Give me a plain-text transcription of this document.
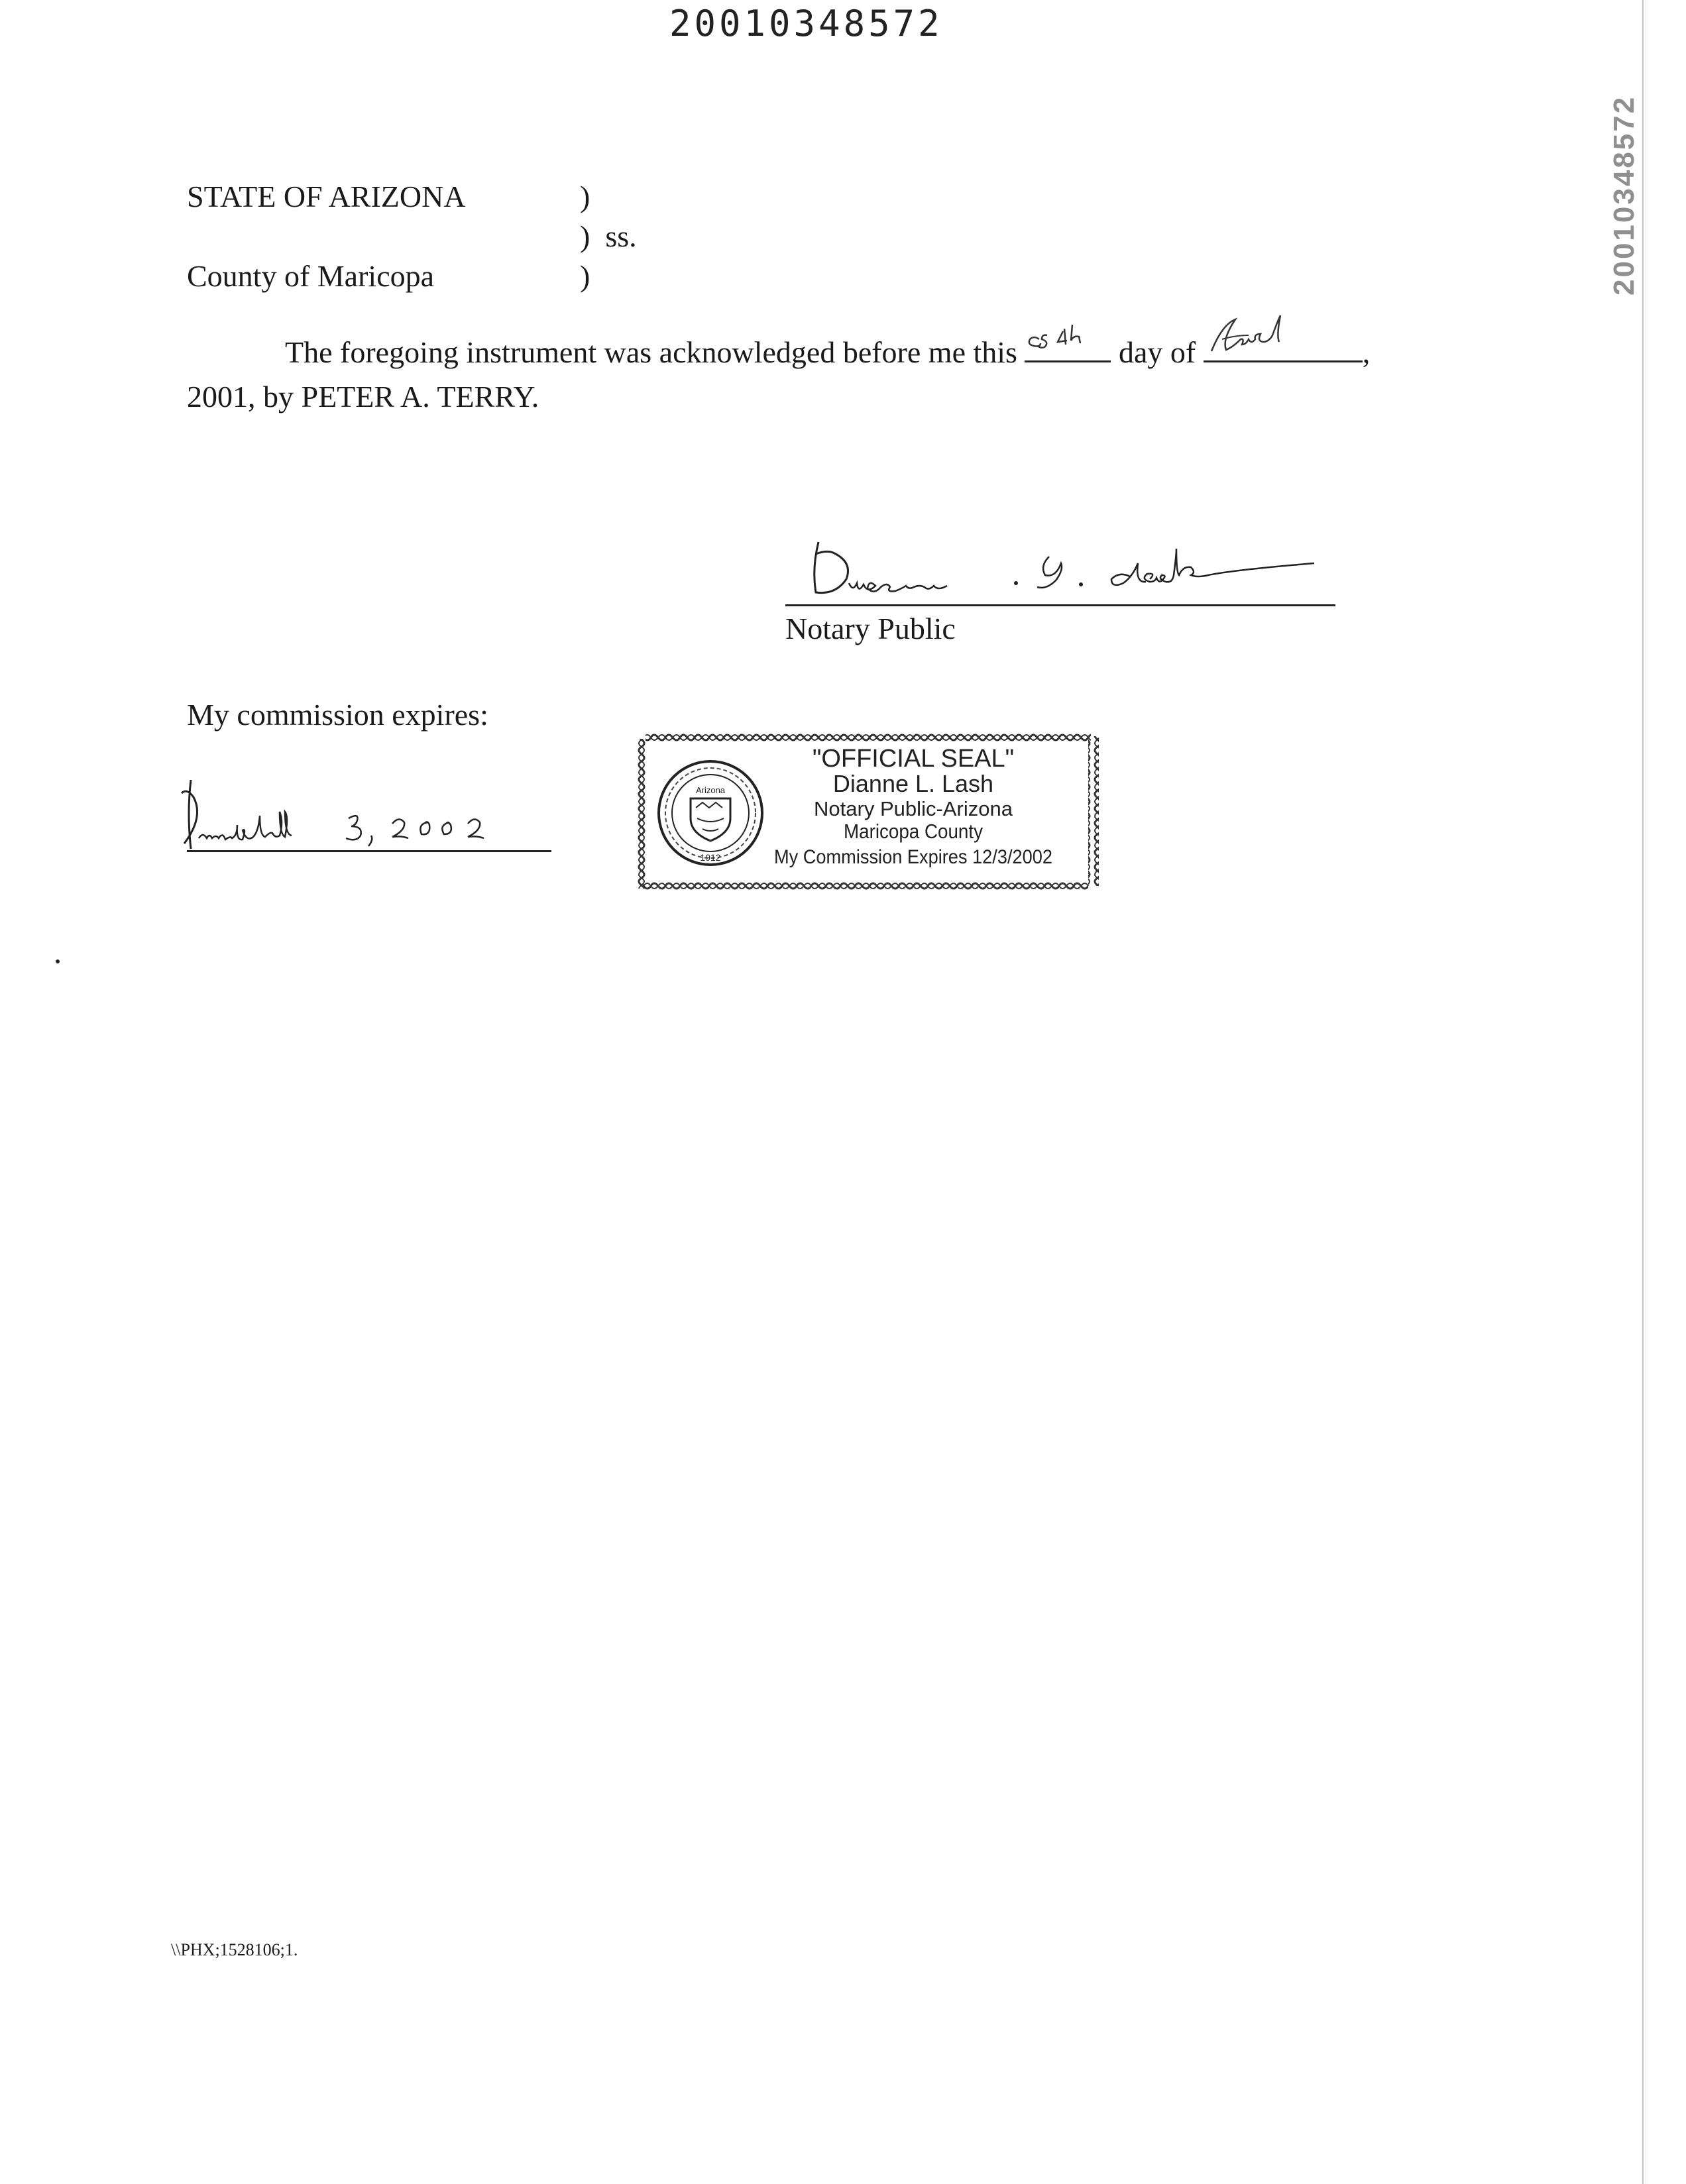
20010348572
20010348572
STATE OF ARIZONA	)
) ss.
County of Maricopa	)
The foregoing instrument was acknowledged before me this	day of	,
2001, by PETER A. TERRY.
Notary Public
My commission expires:
Arizona
1912
"OFFICIAL SEAL"
Dianne L. Lash
Notary Public-Arizona
Maricopa County
My Commission Expires 12/3/2002
\\PHX;1528106;1.
